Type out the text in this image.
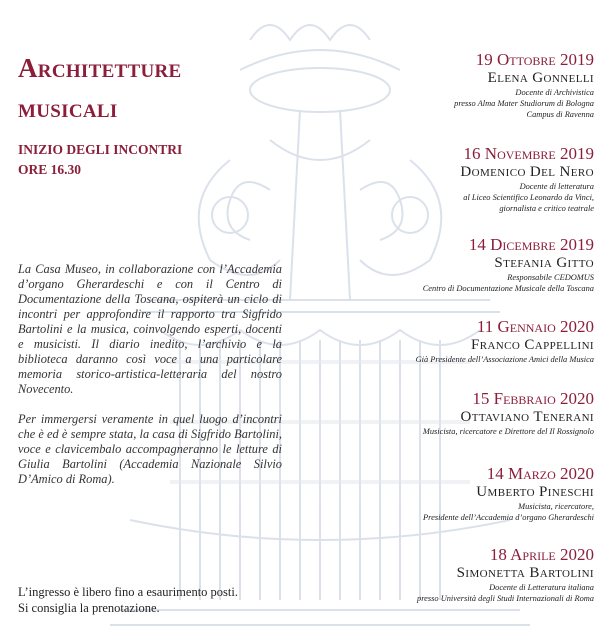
Architetture
musicali
INIZIO DEGLI INCONTRI
ORE 16.30

La Casa Museo, in collaborazione con l’Accademia d’organo Gherardeschi e con il Centro di Documentazione della Toscana, ospiterà un ciclo di incontri per approfondire il rapporto tra Sigfrido Bartolini e la musica, coinvolgendo esperti, docenti e musicisti. Il diario inedito, l’archivio e la biblioteca daranno così voce a una particolare memoria storico-artistica-letteraria del nostro Novecento.

Per immergersi veramente in quel luogo d’incontri che è ed è sempre stata, la casa di Sigfrido Bartolini, voce e clavicembalo accompagneranno le letture di Giulia Bartolini (Accademia Nazionale Silvio D’Amico di Roma).

L’ingresso è libero fino a esaurimento posti.
Si consiglia la prenotazione.
19 Ottobre 2019
Elena Gonnelli
Docente di Archivistica
presso Alma Mater Studiorum di Bologna
Campus di Ravenna
16 Novembre 2019
Domenico Del Nero
Docente di letteratura
al Liceo Scientifico Leonardo da Vinci,
giornalista e critico teatrale
14 Dicembre 2019
Stefania Gitto
Responsabile CEDOMUS
Centro di Documentazione Musicale della Toscana
11 Gennaio 2020
Franco Cappellini
Già Presidente dell’Associazione Amici della Musica
15 Febbraio 2020
Ottaviano Tenerani
Musicista, ricercatore e Direttore del Il Rossignolo
14 Marzo 2020
Umberto Pineschi
Musicista, ricercatore,
Presidente dell’Accademia d’organo Gherardeschi
18 Aprile 2020
Simonetta Bartolini
Docente di Letteratura italiana
presso Università degli Studi Internazionali di Roma
